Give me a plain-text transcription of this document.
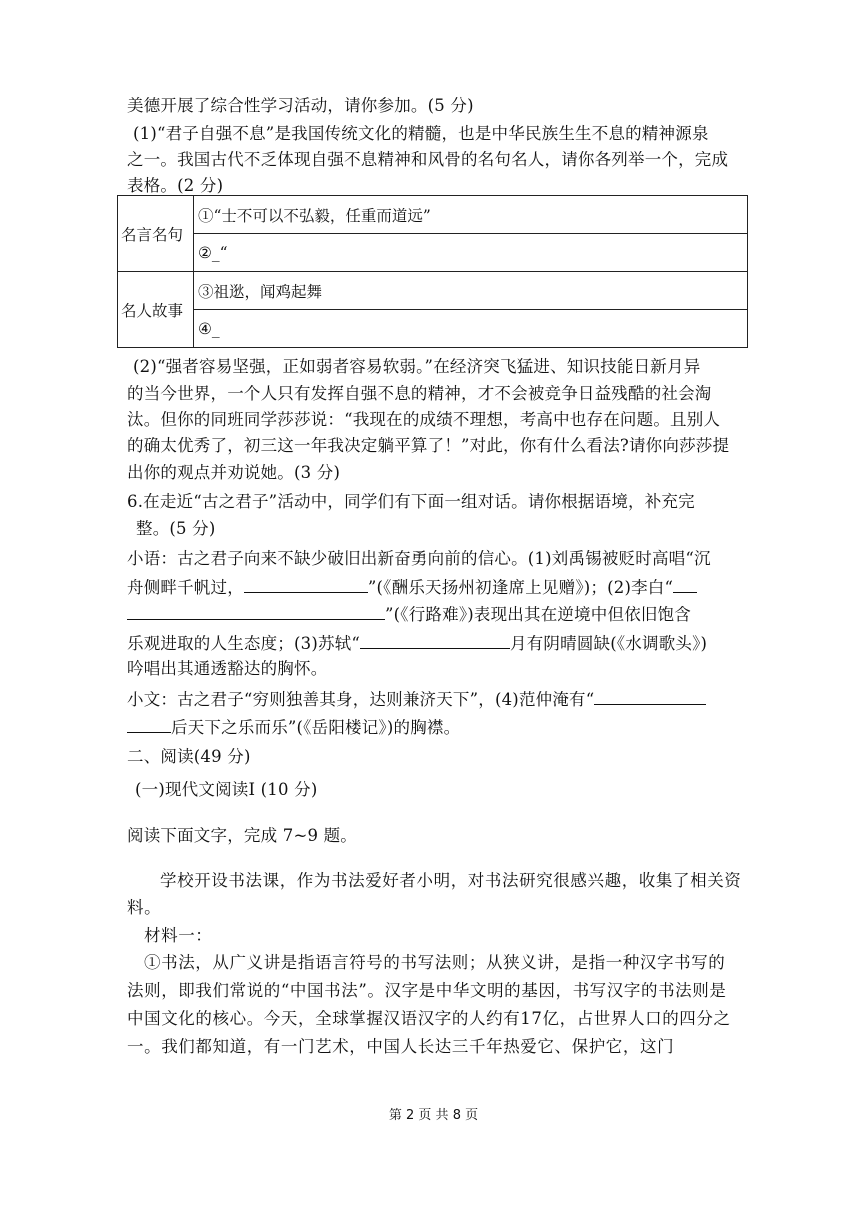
美德开展了综合性学习活动，请你参加。(5 分)
(1)“君子自强不息”是我国传统文化的精髓，也是中华民族生生不息的精神源泉
之一。我国古代不乏体现自强不息精神和风骨的名句名人，请你各列举一个，完成
表格。(2 分)
名言名句	①“士不可以不弘毅，任重而道远”
	②_“
名人故事	③祖逖，闻鸡起舞
	④_
(2)“强者容易坚强，正如弱者容易软弱。”在经济突飞猛进、知识技能日新月异
的当今世界，一个人只有发挥自强不息的精神，才不会被竞争日益残酷的社会淘
汰。但你的同班同学莎莎说：“我现在的成绩不理想，考高中也存在问题。且别人
的确太优秀了，初三这一年我决定躺平算了！”对此，你有什么看法?请你向莎莎提
出你的观点并劝说她。(3 分)
6.在走近“古之君子”活动中，同学们有下面一组对话。请你根据语境，补充完
整。(5 分)
小语：古之君子向来不缺少破旧出新奋勇向前的信心。(1)刘禹锡被贬时高唱“沉
舟侧畔千帆过，	”(《酬乐天扬州初逢席上见赠》)；(2)李白“
”(《行路难》)表现出其在逆境中但依旧饱含
乐观进取的人生态度；(3)苏轼“	月有阴晴圆缺(《水调歌头》)
吟唱出其通透豁达的胸怀。
小文：古之君子“穷则独善其身，达则兼济天下”，(4)范仲淹有“
后天下之乐而乐”(《岳阳楼记》)的胸襟。
二、阅读(49 分)
(一)现代文阅读Ⅰ (10 分)
阅读下面文字，完成 7~9 题。
学校开设书法课，作为书法爱好者小明，对书法研究很感兴趣，收集了相关资
料。
材料一：
①书法，从广义讲是指语言符号的书写法则；从狭义讲，是指一种汉字书写的
法则，即我们常说的“中国书法”。汉字是中华文明的基因，书写汉字的书法则是
中国文化的核心。今天，全球掌握汉语汉字的人约有17亿，占世界人口的四分之
一。我们都知道，有一门艺术，中国人长达三千年热爱它、保护它，这门
第 2 页 共 8 页
